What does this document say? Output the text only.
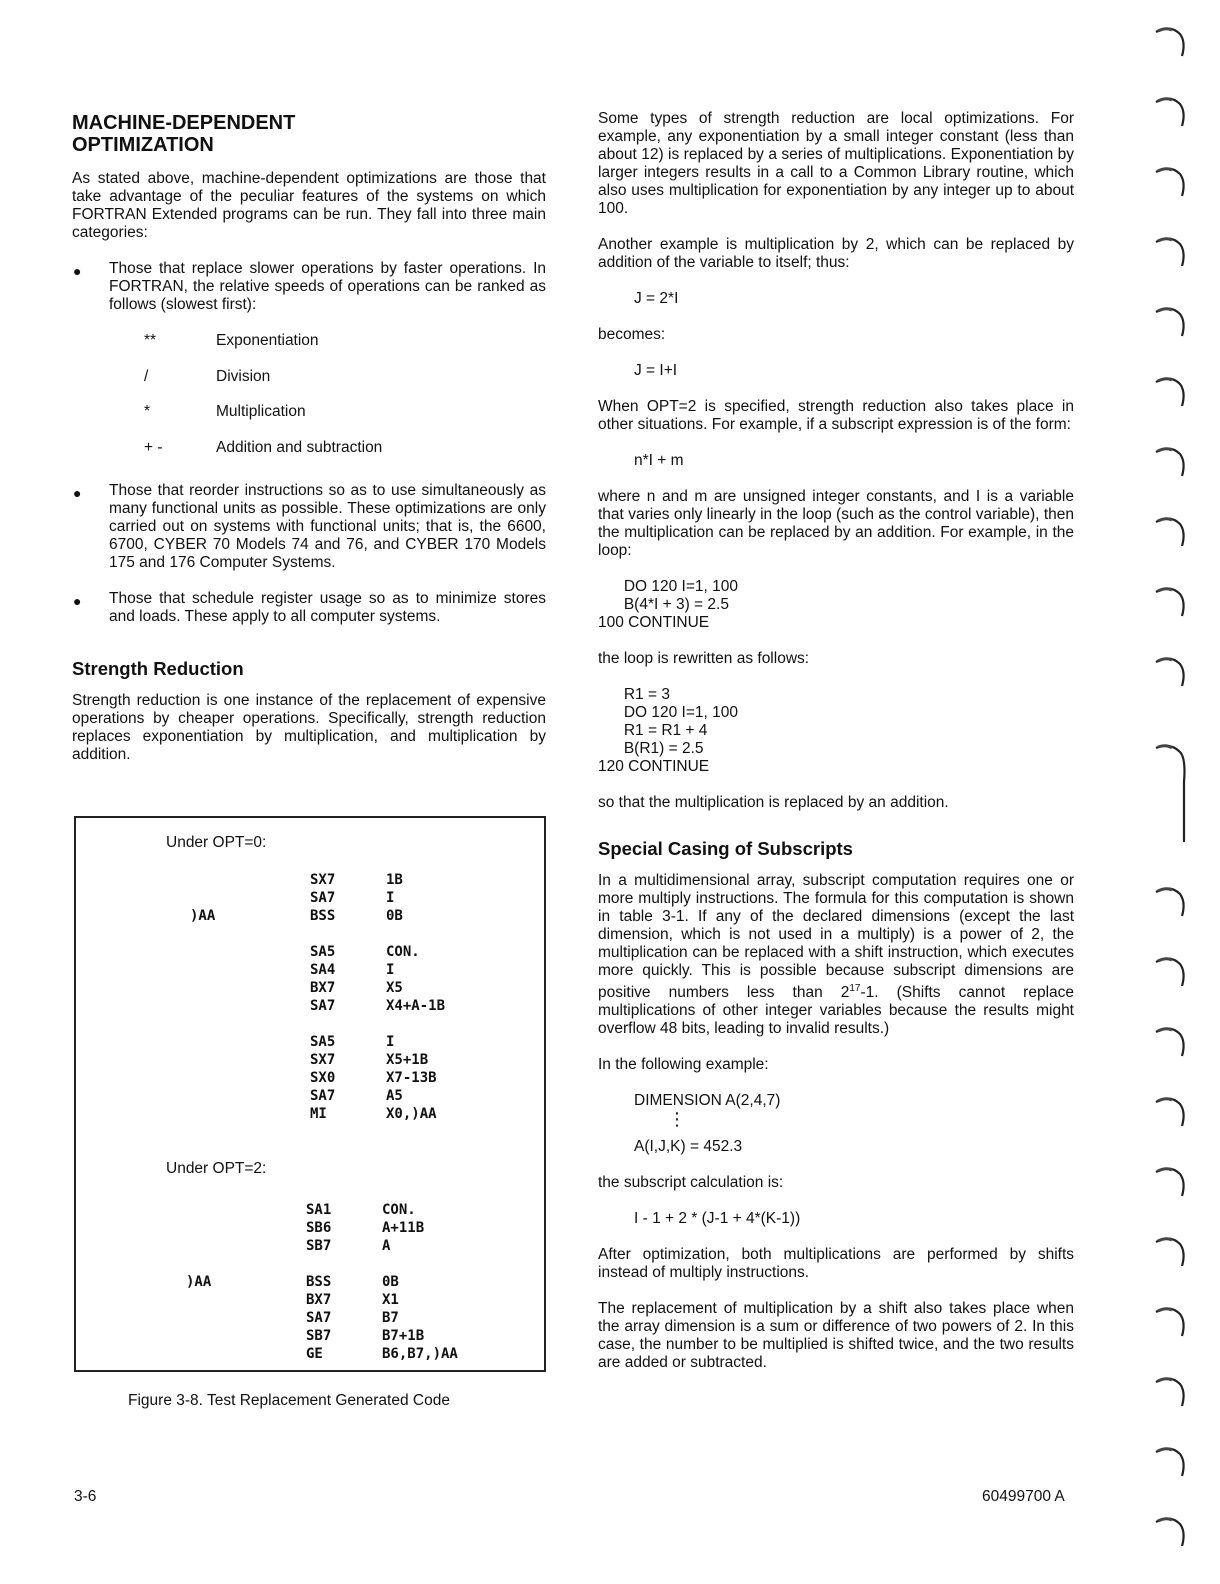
MACHINE-DEPENDENT
OPTIMIZATION

As stated above, machine-dependent optimizations are those that take advantage of the peculiar features of the systems on which FORTRAN Extended programs can be run. They fall into three main categories:

● Those that replace slower operations by faster operations. In FORTRAN, the relative speeds of operations can be ranked as follows (slowest first):

**	Exponentiation
/	Division
*	Multiplication
+ -	Addition and subtraction
● Those that reorder instructions so as to use simultaneously as many functional units as possible. These optimizations are only carried out on systems with functional units; that is, the 6600, 6700, CYBER 70 Models 74 and 76, and CYBER 170 Models 175 and 176 Computer Systems.

● Those that schedule register usage so as to minimize stores and loads. These apply to all computer systems.

Strength Reduction

Strength reduction is one instance of the replacement of expensive operations by cheaper operations. Specifically, strength reduction replaces exponentiation by multiplication, and multiplication by addition.

Under OPT=0:
SX7	1B
SA7	I
)AA	BSS	0B
SA5	CON.
SA4	I
BX7	X5
SA7	X4+A-1B
SA5	I
SX7	X5+1B
SX0	X7-13B
SA7	A5
MI	X0,)AA
Under OPT=2:
SA1	CON.
SB6	A+11B
SB7	A
)AA	BSS	0B
BX7	X1
SA7	B7
SB7	B7+1B
GE	B6,B7,)AA
Figure 3-8. Test Replacement Generated Code

Some types of strength reduction are local optimizations. For example, any exponentiation by a small integer constant (less than about 12) is replaced by a series of multiplications. Exponentiation by larger integers results in a call to a Common Library routine, which also uses multiplication for exponentiation by any integer up to about 100.

Another example is multiplication by 2, which can be replaced by addition of the variable to itself; thus:

J = 2*I

becomes:

J = I+I

When OPT=2 is specified, strength reduction also takes place in other situations. For example, if a subscript expression is of the form:

n*I + m

where n and m are unsigned integer constants, and I is a variable that varies only linearly in the loop (such as the control variable), then the multiplication can be replaced by an addition. For example, in the loop:

DO 120 I=1, 100
B(4*I + 3) = 2.5
100 CONTINUE

the loop is rewritten as follows:

R1 = 3
DO 120 I=1, 100
R1 = R1 + 4
B(R1) = 2.5
120 CONTINUE

so that the multiplication is replaced by an addition.

Special Casing of Subscripts

In a multidimensional array, subscript computation requires one or more multiply instructions. The formula for this computation is shown in table 3-1. If any of the declared dimensions (except the last dimension, which is not used in a multiply) is a power of 2, the multiplication can be replaced with a shift instruction, which executes more quickly. This is possible because subscript dimensions are positive numbers less than $2^{17}-1$. (Shifts cannot replace multiplications of other integer variables because the results might overflow 48 bits, leading to invalid results.)

In the following example:

DIMENSION A(2,4,7)
⋮
A(I,J,K) = 452.3

the subscript calculation is:

I - 1 + 2 * (J-1 + 4*(K-1))

After optimization, both multiplications are performed by shifts instead of multiply instructions.

The replacement of multiplication by a shift also takes place when the array dimension is a sum or difference of two powers of 2. In this case, the number to be multiplied is shifted twice, and the two results are added or subtracted.

3-6	60499700 A
